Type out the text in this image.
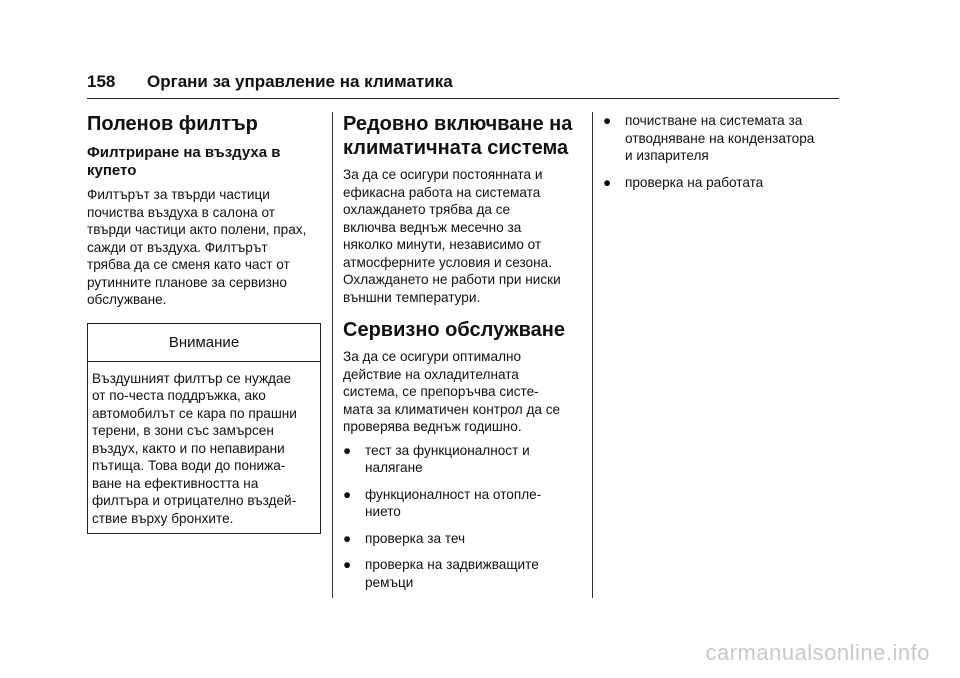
158 Органи за управление на климатика
Поленов филтър
Филтриране на въздуха в
купето

Филтърът за твърди частици
почиства въздуха в салона от
твърди частици акто полени, прах,
сажди от въздуха. Филтърът
трябва да се сменя като част от
рутинните планове за сервизно
обслужване.

Внимание

Въздушният филтър се нуждае
от по-честа поддръжка, ако
автомобилът се кара по прашни
терени, в зони със замърсен
въздух, както и по непавирани
пътища. Това води до понижа-
ване на ефективността на
филтъра и отрицателно въздей-
ствие върху бронхите.

Редовно включване на
климатичната система

За да се осигури постоянната и
ефикасна работа на системата
охлаждането трябва да се
включва веднъж месечно за
няколко минути, независимо от
атмосферните условия и сезона.
Охлаждането не работи при ниски
външни температури.

Сервизно обслужване

За да се осигури оптимално
действие на охладителната
система, се препоръчва систе-
мата за климатичен контрол да се
проверява веднъж годишно.

● тест за функционалност и
налягане
● функционалност на отопле-
нието
● проверка за теч
● проверка на задвижващите
ремъци
● почистване на системата за
отводняване на кондензатора
и изпарителя
● проверка на работата
carmanualsonline.info
